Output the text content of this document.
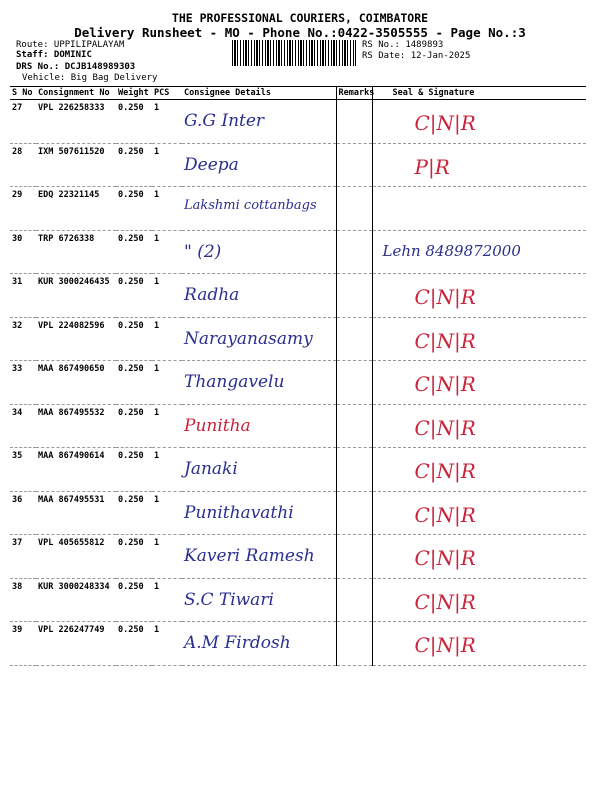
THE PROFESSIONAL COURIERS, COIMBATORE
Delivery Runsheet - MO - Phone No.:0422-3505555 - Page No.:3
Route: UPPILIPALAYAM
Staff: DOMINIC
DRS No.: DCJB148989303
Vehicle: Big Bag Delivery
RS No.: 1489893
RS Date: 12-Jan-2025
S No	Consignment No	Weight	PCS	Consignee Details	Remarks	Seal & Signature
27	VPL 226258333	0.250	1	G.G Inter		C|N|R

28	IXM 507611520	0.250	1	Deepa		P|R

29	EDQ 22321145	0.250	1	Lakshmi cottanbags		

30	TRP 6726338	0.250	1	" (2)		Lehn 8489872000

31	KUR 3000246435	0.250	1	Radha		C|N|R

32	VPL 224082596	0.250	1	Narayanasamy		C|N|R

33	MAA 867490650	0.250	1	Thangavelu		C|N|R

34	MAA 867495532	0.250	1	Punitha		C|N|R

35	MAA 867490614	0.250	1	Janaki		C|N|R

36	MAA 867495531	0.250	1	Punithavathi		C|N|R

37	VPL 405655812	0.250	1	Kaveri Ramesh		C|N|R

38	KUR 3000248334	0.250	1	S.C Tiwari		C|N|R

39	VPL 226247749	0.250	1	A.M Firdosh		C|N|R
